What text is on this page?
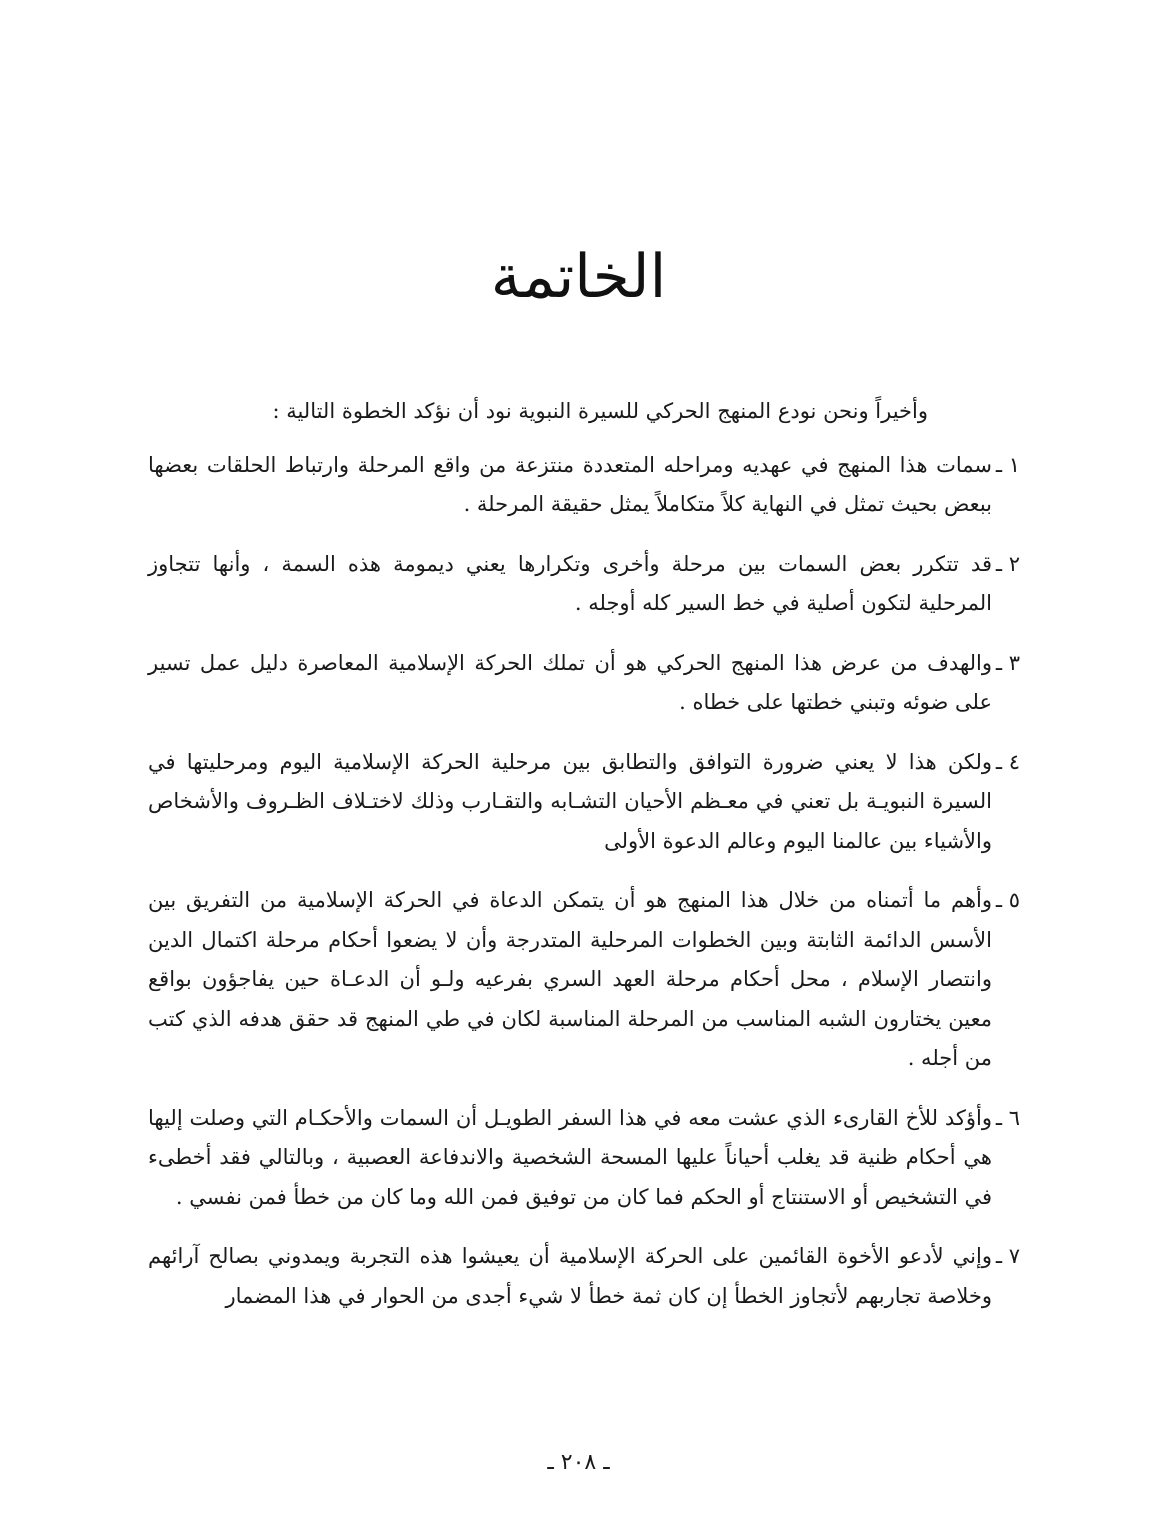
الخاتمة

وأخيراً ونحن نودع المنهج الحركي للسيرة النبوية نود أن نؤكد الخطوة التالية :

١ ـ
سمات هذا المنهج في عهديه ومراحله المتعددة منتزعة من واقع المرحلة وارتباط الحلقات بعضها ببعض بحيث تمثل في النهاية كلاً متكاملاً يمثل حقيقة المرحلة .
٢ ـ
قد تتكرر بعض السمات بين مرحلة وأخرى وتكرارها يعني ديمومة هذه السمة ، وأنها تتجاوز المرحلية لتكون أصلية في خط السير كله أوجله .
٣ ـ
والهدف من عرض هذا المنهج الحركي هو أن تملك الحركة الإسلامية المعاصرة دليل عمل تسير على ضوئه وتبني خطتها على خطاه .
٤ ـ
ولكن هذا لا يعني ضرورة التوافق والتطابق بين مرحلية الحركة الإسلامية اليوم ومرحليتها في السيرة النبويـة بل تعني في معـظم الأحيان التشـابه والتقـارب وذلك لاختـلاف الظـروف والأشخاص والأشياء بين عالمنا اليوم وعالم الدعوة الأولى
٥ ـ
وأهم ما أتمناه من خلال هذا المنهج هو أن يتمكن الدعاة في الحركة الإسلامية من التفريق بين الأسس الدائمة الثابتة وبين الخطوات المرحلية المتدرجة وأن لا يضعوا أحكام مرحلة اكتمال الدين وانتصار الإسلام ، محل أحكام مرحلة العهد السري بفرعيه ولـو أن الدعـاة حين يفاجؤون بواقع معين يختارون الشبه المناسب من المرحلة المناسبة لكان في طي المنهج قد حقق هدفه الذي كتب من أجله .
٦ ـ
وأؤكد للأخ القارىء الذي عشت معه في هذا السفر الطويـل أن السمات والأحكـام التي وصلت إليها هي أحكام ظنية قد يغلب أحياناً عليها المسحة الشخصية والاندفاعة العصبية ، وبالتالي فقد أخطىء في التشخيص أو الاستنتاج أو الحكم فما كان من توفيق فمن الله وما كان من خطأ فمن نفسي .
٧ ـ
وإني لأدعو الأخوة القائمين على الحركة الإسلامية أن يعيشوا هذه التجربة ويمدوني بصالح آرائهم وخلاصة تجاربهم لأتجاوز الخطأ إن كان ثمة خطأ لا شيء أجدى من الحوار في هذا المضمار
ـ ٢٠٨ ـ
